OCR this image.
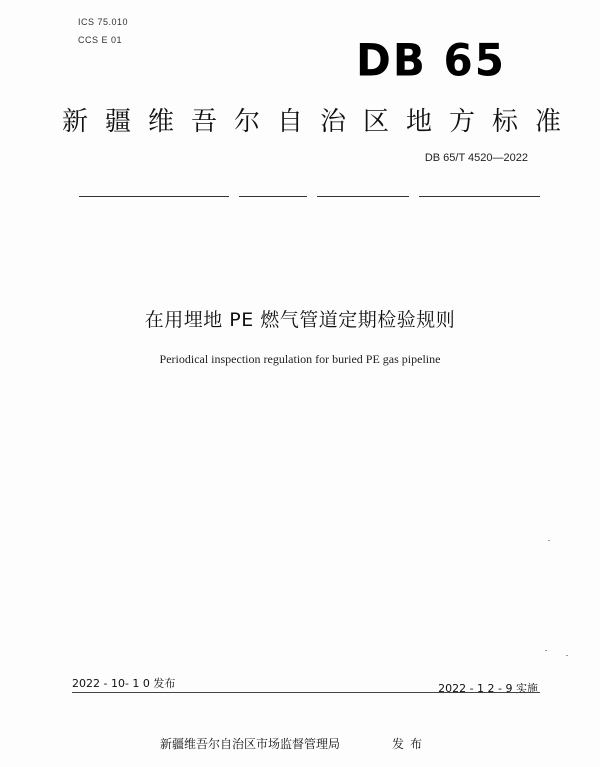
ICS 75.010
CCS E 01	DB 65
新疆维吾尔自治区地方标准
DB 65/T 4520—2022
在用埋地 PE 燃气管道定期检验规则
Periodical inspection regulation for buried PE gas pipeline
2022 - 10- 1 0 发布	2022 - 1 2 - 9 实施
新疆维吾尔自治区市场监督管理局	发布
